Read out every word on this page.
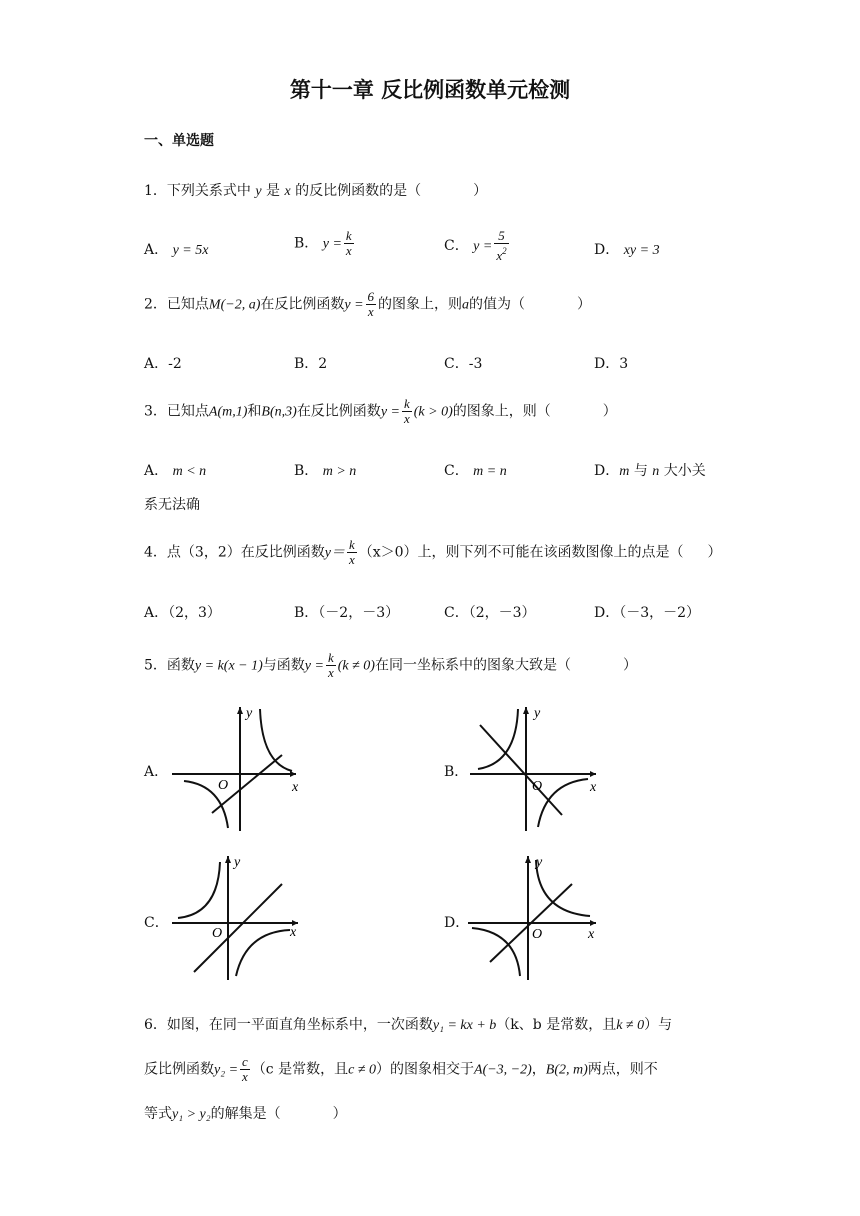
第十一章 反比例函数单元检测
一、单选题
1．下列关系式中 y 是 x 的反比例函数的是（	）
A． y = 5x	B． $y = \frac{k}{x}$	C． $y = \frac{5}{x^2}$	D． xy = 3
2．已知点M(−2, a)在反比例函数$y = \frac{6}{x}$ 的图象上，则a的值为（	）
A．-2	B．2	C．-3	D．3
3．已知点A(m,1)和B(n,3)在反比例函数$y = \frac{k}{x} (k > 0)$的图象上，则（	）
A． m < n	B． m > n	C． m = n	D．m 与 n 大小关
系无法确
4．点（3，2）在反比例函数$y= \frac{k}{x} (x>0)$上，则下列不可能在该函数图像上的点是（ ）
A．（2，3）	B．（－2，－3）	C．（2，－3）	D．（－3，－2）
5．函数y = k(x − 1)与函数$y = \frac{k}{x} (k \ne 0)$在同一坐标系中的图象大致是（	）
A．
y
x
O
B．
y
x
O
C．
y
x
O
D．
y
x
O
6．如图，在同一平面直角坐标系中，一次函数y₁ = kx + b（k、b 是常数，且k ≠ 0）与
反比例函数$y_2 = \frac{c}{x} (c$ 是常数，且c ≠ 0）的图象相交于A(−3, −2)，B(2, m)两点，则不
等式y₁ > y₂的解集是（	）
